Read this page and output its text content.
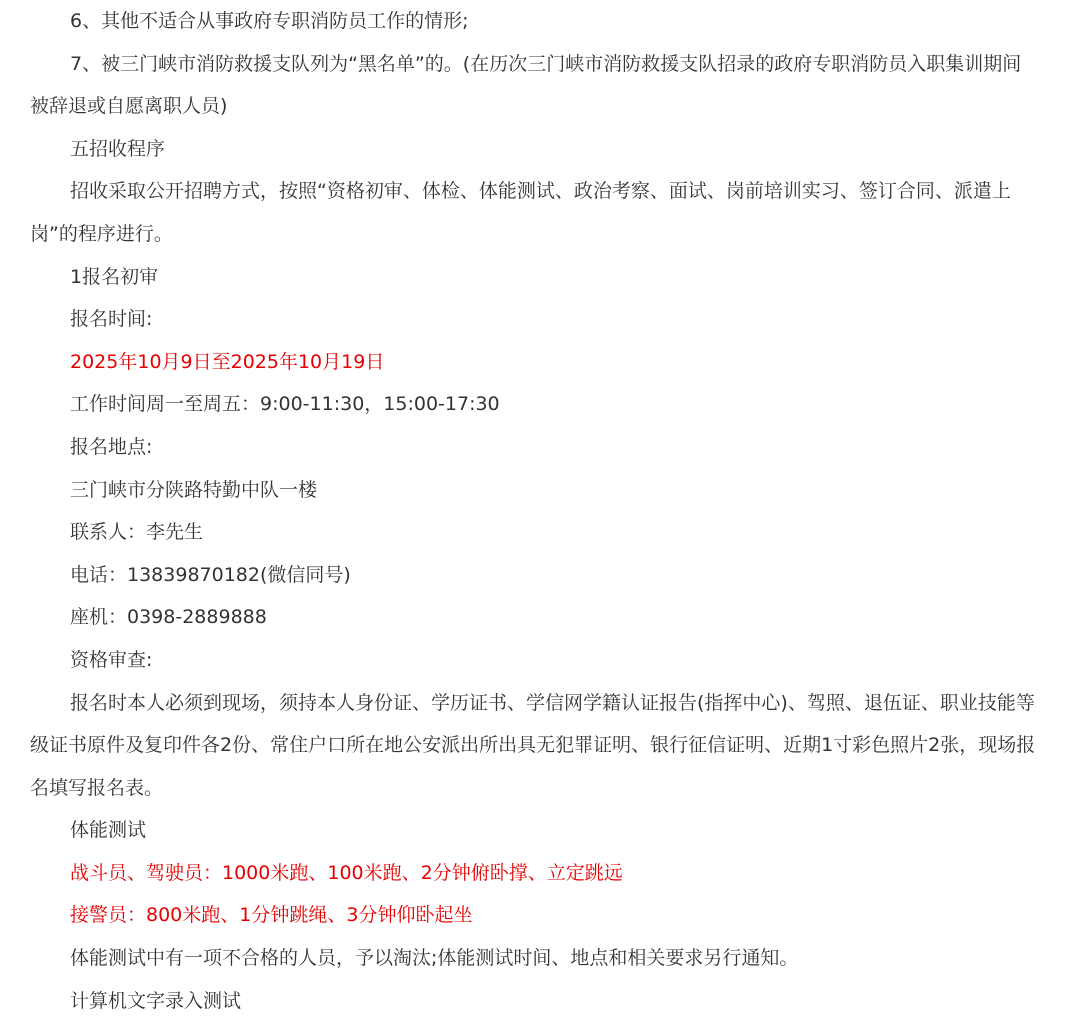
6、其他不适合从事政府专职消防员工作的情形;

7、被三门峡市消防救援支队列为“黑名单”的。(在历次三门峡市消防救援支队招录的政府专职消防员入职集训期间被辞退或自愿离职人员)

五招收程序

招收采取公开招聘方式，按照“资格初审、体检、体能测试、政治考察、面试、岗前培训实习、签订合同、派遣上岗”的程序进行。

1报名初审

报名时间:

2025年10月9日至2025年10月19日

工作时间周一至周五：9:00-11:30，15:00-17:30

报名地点:

三门峡市分陕路特勤中队一楼

联系人：李先生

电话：13839870182(微信同号)

座机：0398-2889888

资格审查:

报名时本人必须到现场，须持本人身份证、学历证书、学信网学籍认证报告(指挥中心)、驾照、退伍证、职业技能等级证书原件及复印件各2份、常住户口所在地公安派出所出具无犯罪证明、银行征信证明、近期1寸彩色照片2张，现场报名填写报名表。

体能测试

战斗员、驾驶员：1000米跑、100米跑、2分钟俯卧撑、立定跳远

接警员：800米跑、1分钟跳绳、3分钟仰卧起坐

体能测试中有一项不合格的人员，予以淘汰;体能测试时间、地点和相关要求另行通知。

计算机文字录入测试
